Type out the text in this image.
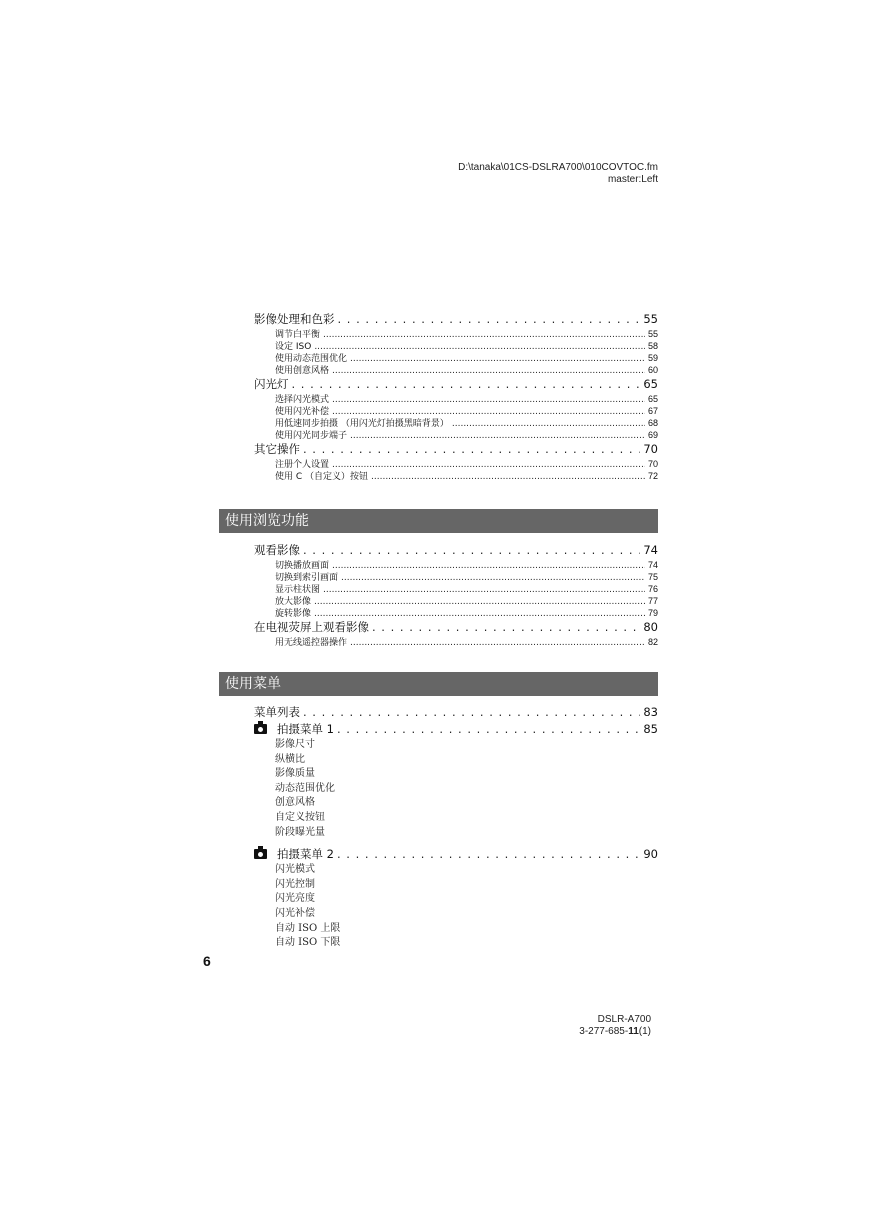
D:\tanaka\01CS-DSLRA700\010COVTOC.fm
master:Left
影像处理和色彩 . . .	55
调节白平衡 .....	55
设定 ISO .....	58
使用动态范围优化 .....	59
使用创意风格 .....	60
闪光灯 . . .	65
选择闪光模式 .....	65
使用闪光补偿 .....	67
用低速同步拍摄 （用闪光灯拍摄黑暗背景） .....	68
使用闪光同步端子 .....	69
其它操作 . . .	70
注册个人设置 .....	70
使用 C （自定义）按钮 .....	72
使用浏览功能
观看影像 . . .	74
切换播放画面 .....	74
切换到索引画面 .....	75
显示柱状图 .....	76
放大影像 .....	77
旋转影像 .....	79
在电视荧屏上观看影像 . . .	80
用无线遥控器操作 .....	82
使用菜单
菜单列表 . . .	83
拍摄菜单 1 . . .	85
影像尺寸
纵横比
影像质量
动态范围优化
创意风格
自定义按钮
阶段曝光量
拍摄菜单 2 . . .	90
闪光模式
闪光控制
闪光亮度
闪光补偿
自动 ISO 上限
自动 ISO 下限
6
DSLR-A700
3-277-685-11(1)
